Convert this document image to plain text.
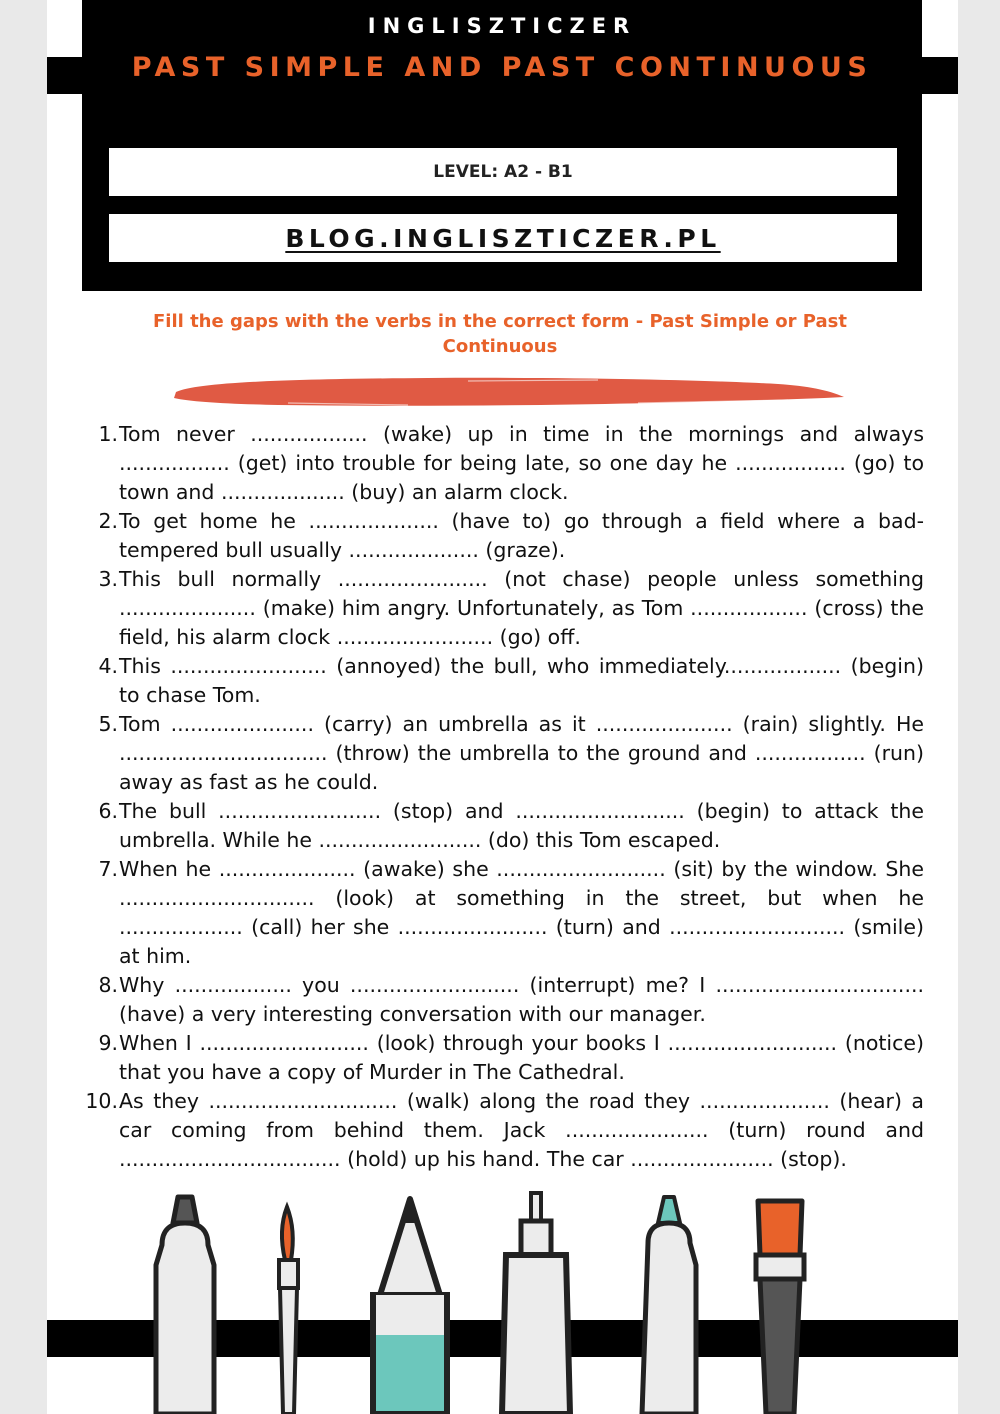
INGLISZTICZER
PAST SIMPLE AND PAST CONTINUOUS
LEVEL: A2 - B1
BLOG.INGLISZTICZER.PL
Fill the gaps with the verbs in the correct form - Past Simple or Past Continuous
1. Tom never .................. (wake) up in time in the mornings and always ................. (get) into trouble for being late, so one day he ................. (go) to town and ................... (buy) an alarm clock.
2. To get home he .................... (have to) go through a field where a bad-tempered bull usually .................... (graze).
3. This bull normally ....................... (not chase) people unless something ..................... (make) him angry. Unfortunately, as Tom .................. (cross) the field, his alarm clock ........................ (go) off.
4. This ........................ (annoyed) the bull, who immediately.................. (begin) to chase Tom.
5. Tom ...................... (carry) an umbrella as it ..................... (rain) slightly. He ................................ (throw) the umbrella to the ground and ................. (run) away as fast as he could.
6. The bull ......................... (stop) and .......................... (begin) to attack the umbrella. While he ......................... (do) this Tom escaped.
7. When he ..................... (awake) she .......................... (sit) by the window. She .............................. (look) at something in the street, but when he ................... (call) her she ....................... (turn) and ........................... (smile) at him.
8. Why .................. you .......................... (interrupt) me? I ................................ (have) a very interesting conversation with our manager.
9. When I .......................... (look) through your books I .......................... (notice) that you have a copy of Murder in The Cathedral.
10. As they ............................. (walk) along the road they .................... (hear) a car coming from behind them. Jack ...................... (turn) round and .................................. (hold) up his hand. The car ...................... (stop).
